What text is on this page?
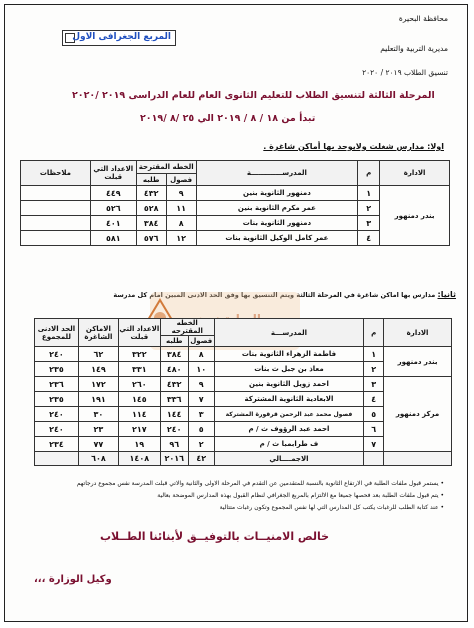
محافظة البحيرة
مديرية التربية والتعليم
تنسيق الطلاب ٢٠١٩ / ٢٠٢٠
المربع الجغرافى الاول
المرحلة الثالثة لتنسيق الطلاب للتعليم الثانوى العام للعام الدراسى ٢٠١٩ /٢٠٢٠
تبدأ من ١٨ / ٨ / ٢٠١٩ الي ٢٥ /٨ /٢٠١٩
اولا: مدارس شغلت ولايوجد بها أماكن شاغرة .
ملاحظات	الاعداد التي قبلت	الخطه المقترحة		المدرســـــــــــــة	م	الادارة
		طلبه	فصول			
	٤٤٩	٤٣٢	٩	دمنهور الثانوية بنين	١	بندر دمنهور
	٥٢٦	٥٢٨	١١	عمر مكرم الثانوية بنين	٢	
	٤٠١	٣٨٤	٨	دمنهور الثانوية بنات	٣	
	٥٨١	٥٧٦	١٢	عمر كامل الوكيل الثانوية بنات	٤	
ثانيا: مدارس بها اماكن شاغرة في المرحلة الثالثة ويتم التنسيق بها وفق الحد الادنى المبين امام كل مدرسة
الحد الادنى للمجموع	الاماكن الشاغرة	الاعداد التي قبلت	الخطه المقترحه		المدرســـة	م	الادارة
			طلبه	فصول			
٢٤٠	٦٢	٣٢٢	٣٨٤	٨	فاطمة الزهراء الثانوية بنات	١	بندر دمنهور
٢٣٥	١٤٩	٣٣١	٤٨٠	١٠	معاذ بن جبل ث بنات	٢	
٢٣٦	١٧٢	٢٦٠	٤٣٢	٩	احمد زويل الثانوية بنين	٣	مركز دمنهور
٢٣٥	١٩١	١٤٥	٣٣٦	٧	الابعادية الثانوية المشتركة	٤	
٢٤٠	٣٠	١١٤	١٤٤	٣	فصول محمد عبد الرحمن قرقورة المشتركة	٥	
٢٤٠	٢٣	٢١٧	٢٤٠	٥	احمد عبد الرؤوف ث / م	٦	
٢٣٤	٧٧	١٩	٩٦	٢	ف طرابمبا ث / م	٧	
	٦٠٨	١٤٠٨	٢٠١٦	٤٢	الاجمــــالي		
• يستمر قبول ملفات الطلبة في الارتفاع الثانوية بالنسبة للمتقدمين عن التقدم في المرحلة الاولى والثانية والاتي قبلت المدرسة نفس مجموع درجاتهم
• يتم قبول ملفات الطلبة بعد فحصها جميعا مع الالتزام بالمربع الجغرافي لنظام القبول بهذه المدارس الموضحة بعالية
• عند كتابة الطلب للرغبات يكتب كل المدارس التي لها نفس المجموع وتكون رغبات متتالية
خالص الامنيــات بالتوفيــق لأبنائنا الطــلاب
وكيل الوزارة ،،،
